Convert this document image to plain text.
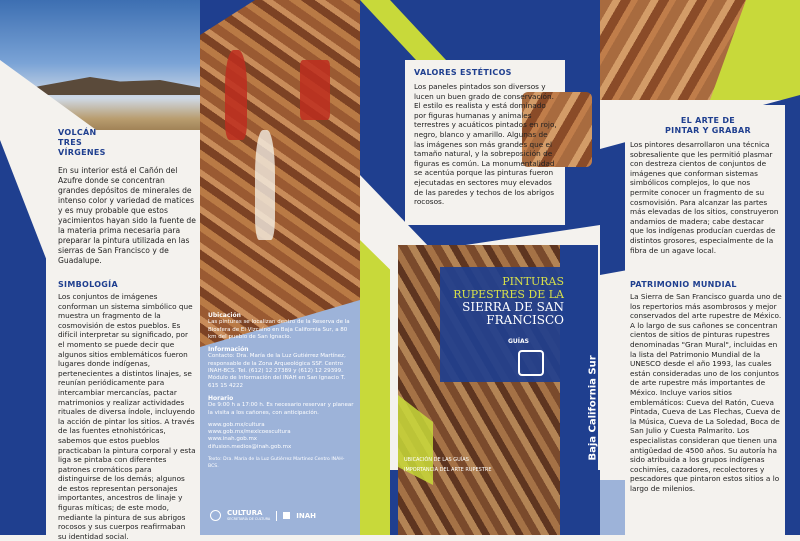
VOLCÁN
TRES
VÍRGENES
En su interior está el Cañón del Azufre donde se concentran grandes depósitos de minerales de intenso color y variedad de matices y es muy probable que estos yacimientos hayan sido la fuente de la materia prima necesaria para preparar la pintura utilizada en las sierras de San Francisco y de Guadalupe.
SIMBOLOGÍA
Los conjuntos de imágenes conforman un sistema simbólico que muestra un fragmento de la cosmovisión de estos pueblos. Es difícil interpretar su significado, por el momento se puede decir que algunos sitios emblemáticos fueron lugares donde indígenas, pertenecientes a distintos linajes, se reunían periódicamente para intercambiar mercancías, pactar matrimonios y realizar actividades rituales de diversa índole, incluyendo la acción de pintar los sitios. A través de las fuentes etnohistóricas, sabemos que estos pueblos practicaban la pintura corporal y esta liga se pintaba con diferentes patrones cromáticos para distinguirse de los demás; algunos de estos representan personajes importantes, ancestros de linaje y figuras míticas; de este modo, mediante la pintura de sus abrigos rocosos y sus cuerpos reafirmaban su identidad social.
Ubicación
Las pinturas se localizan dentro de la Reserva de la Biosfera de El Vizcaíno en Baja California Sur, a 80 km del pueblo de San Ignacio.
Información
Contacto: Dra. María de la Luz Gutiérrez Martínez, responsable de la Zona Arqueológica SSF. Centro INAH-BCS. Tel. (612) 12 27389 y (612) 12 29399. Módulo de Información del INAH en San Ignacio T. 615 15 4222
Horario
De 9:00 h a 17:00 h. Es necesario reservar y planear la visita a los cañones, con anticipación.
www.gob.mx/cultura
www.gob.mx/mexicoescultura
www.inah.gob.mx
difusion.medios@inah.gob.mx
Texto: Dra. María de la Luz Gutiérrez Martínez Centro INAH-BCS.
CULTURA
SECRETARÍA DE CULTURA	INAH
VALORES ESTÉTICOS
Los paneles pintados son diversos y lucen un buen grado de conservación. El estilo es realista y está dominado por figuras humanas y animales terrestres y acuáticos pintados en rojo, negro, blanco y amarillo. Algunas de las imágenes son más grandes que el tamaño natural, y la sobreposición de figuras es común. La monumentalidad se acentúa porque las pinturas fueron ejecutadas en sectores muy elevados de las paredes y techos de los abrigos rocosos.
PINTURAS
RUPESTRES DE LA
SIERRA DE SAN
FRANCISCO
GUÍAS
Baja California Sur
UBICACIÓN DE LAS GUÍAS
IMPORTANCIA DEL ARTE RUPESTRE
EL ARTE DE
PINTAR Y GRABAR
Los pintores desarrollaron una técnica sobresaliente que les permitió plasmar con destreza cientos de conjuntos de imágenes que conforman sistemas simbólicos complejos, lo que nos permite conocer un fragmento de su cosmovisión. Para alcanzar las partes más elevadas de los sitios, construyeron andamios de madera; cabe destacar que los indígenas producían cuerdas de distintos grosores, especialmente de la fibra de un agave local.
PATRIMONIO MUNDIAL
La Sierra de San Francisco guarda uno de los repertorios más asombrosos y mejor conservados del arte rupestre de México. A lo largo de sus cañones se concentran cientos de sitios de pinturas rupestres denominadas "Gran Mural", incluidas en la lista del Patrimonio Mundial de la UNESCO desde el año 1993, las cuales están consideradas uno de los conjuntos de arte rupestre más importantes de México. Incluye varios sitios emblemáticos: Cueva del Ratón, Cueva Pintada, Cueva de Las Flechas, Cueva de la Música, Cueva de La Soledad, Boca de San Julio y Cuesta Palmarito. Los especialistas consideran que tienen una antigüedad de 4500 años. Su autoría ha sido atribuida a los grupos indígenas cochimíes, cazadores, recolectores y pescadores que pintaron estos sitios a lo largo de milenios.
